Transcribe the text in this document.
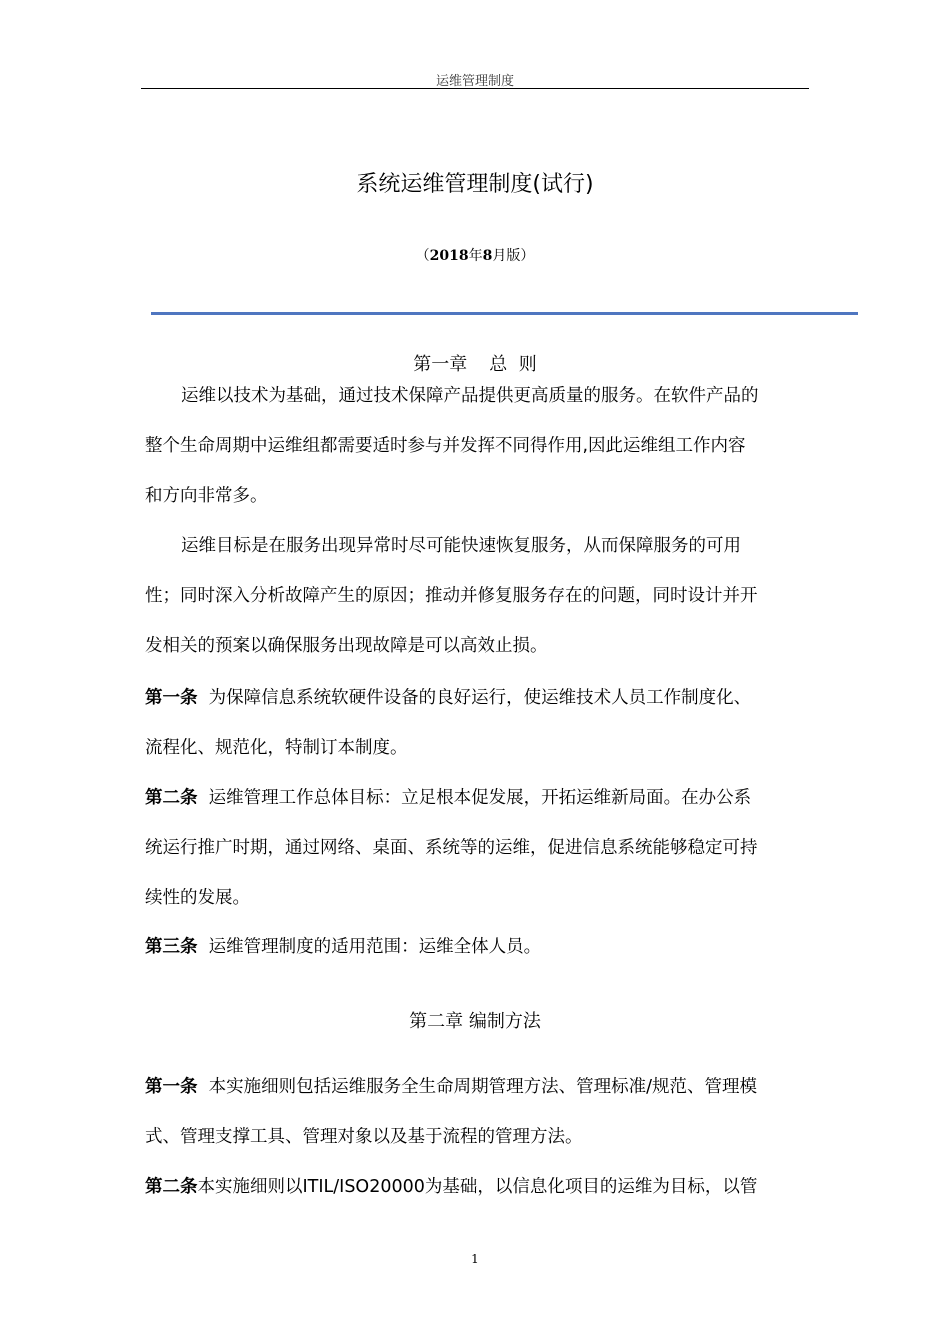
运维管理制度
系统运维管理制度(试行)
（2018年8月版）
第一章 总  则
运维以技术为基础，通过技术保障产品提供更高质量的服务。在软件产品的
整个生命周期中运维组都需要适时参与并发挥不同得作用,因此运维组工作内容
和方向非常多。
运维目标是在服务出现异常时尽可能快速恢复服务，从而保障服务的可用
性；同时深入分析故障产生的原因；推动并修复服务存在的问题，同时设计并开
发相关的预案以确保服务出现故障是可以高效止损。
第一条 为保障信息系统软硬件设备的良好运行，使运维技术人员工作制度化、
流程化、规范化，特制订本制度。
第二条 运维管理工作总体目标：立足根本促发展，开拓运维新局面。在办公系
统运行推广时期，通过网络、桌面、系统等的运维，促进信息系统能够稳定可持
续性的发展。
第三条 运维管理制度的适用范围：运维全体人员。
第二章 编制方法
第一条 本实施细则包括运维服务全生命周期管理方法、管理标准/规范、管理模
式、管理支撑工具、管理对象以及基于流程的管理方法。
第二条本实施细则以ITIL/ISO20000为基础，以信息化项目的运维为目标，以管
1
